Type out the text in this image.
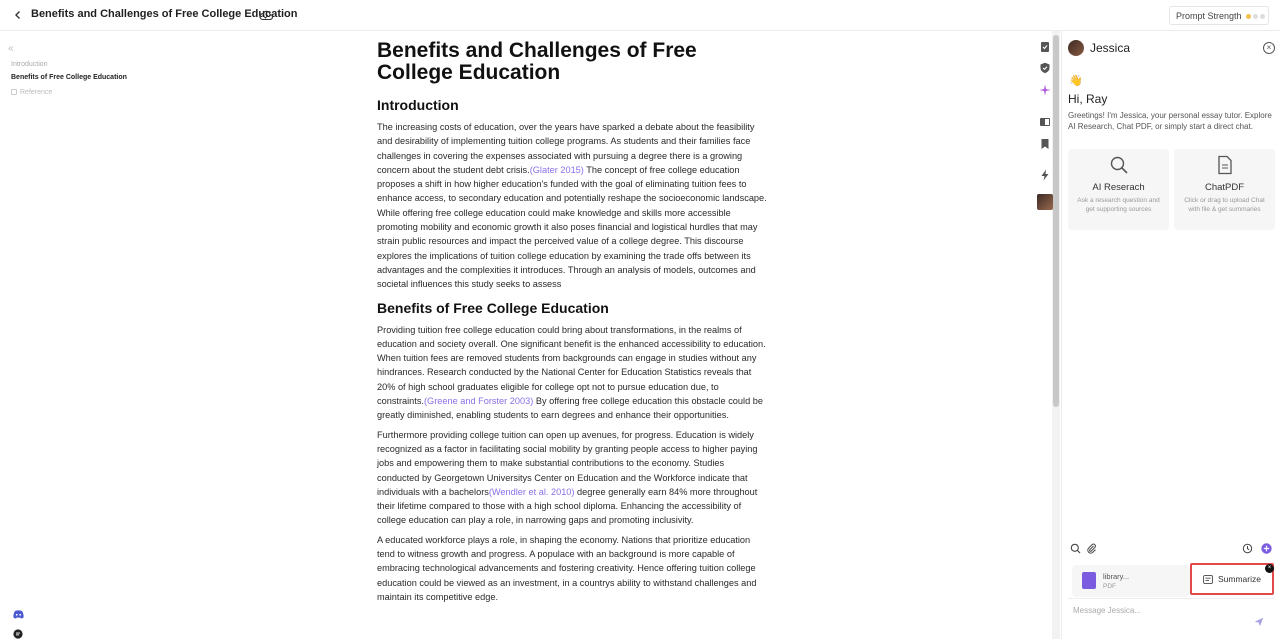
Benefits and Challenges of Free College Education	Prompt Strength
«
Introduction
Benefits of Free College Education
Reference
Benefits and Challenges of Free College Education
Introduction

The increasing costs of education, over the years have sparked a debate about the feasibility and desirability of implementing tuition college programs. As students and their families face challenges in covering the expenses associated with pursuing a degree there is a growing concern about the student debt crisis.(Glater 2015) The concept of free college education proposes a shift in how higher education's funded with the goal of eliminating tuition fees to enhance access, to secondary education and potentially reshape the socioeconomic landscape. While offering free college education could make knowledge and skills more accessible promoting mobility and economic growth it also poses financial and logistical hurdles that may strain public resources and impact the perceived value of a college degree. This discourse explores the implications of tuition college education by examining the trade offs between its advantages and the complexities it introduces. Through an analysis of models, outcomes and societal influences this study seeks to assess

Benefits of Free College Education

Providing tuition free college education could bring about transformations, in the realms of education and society overall. One significant benefit is the enhanced accessibility to education. When tuition fees are removed students from backgrounds can engage in studies without any hindrances. Research conducted by the National Center for Education Statistics reveals that 20% of high school graduates eligible for college opt not to pursue education due, to constraints.(Greene and Forster 2003) By offering free college education this obstacle could be greatly diminished, enabling students to earn degrees and enhance their opportunities.

Furthermore providing college tuition can open up avenues, for progress. Education is widely recognized as a factor in facilitating social mobility by granting people access to higher paying jobs and empowering them to make substantial contributions to the economy. Studies conducted by Georgetown Universitys Center on Education and the Workforce indicate that individuals with a bachelors(Wendler et al. 2010) degree generally earn 84% more throughout their lifetime compared to those with a high school diploma. Enhancing the accessibility of college education can play a role, in narrowing gaps and promoting inclusivity.

A educated workforce plays a role, in shaping the economy. Nations that prioritize education tend to witness growth and progress. A populace with an background is more capable of embracing technological advancements and fostering creativity. Hence offering tuition college education could be viewed as an investment, in a countrys ability to withstand challenges and maintain its competitive edge.

Jessica	×
👋
Hi, Ray
Greetings! I'm Jessica, your personal essay tutor. Explore AI Research, Chat PDF, or simply start a direct chat.
AI Reserach
Ask a research question and get supporting sources
ChatPDF
Click or drag to upload Chat with file & get summaries
library...
PDF
Summarize
×
Message Jessica...
